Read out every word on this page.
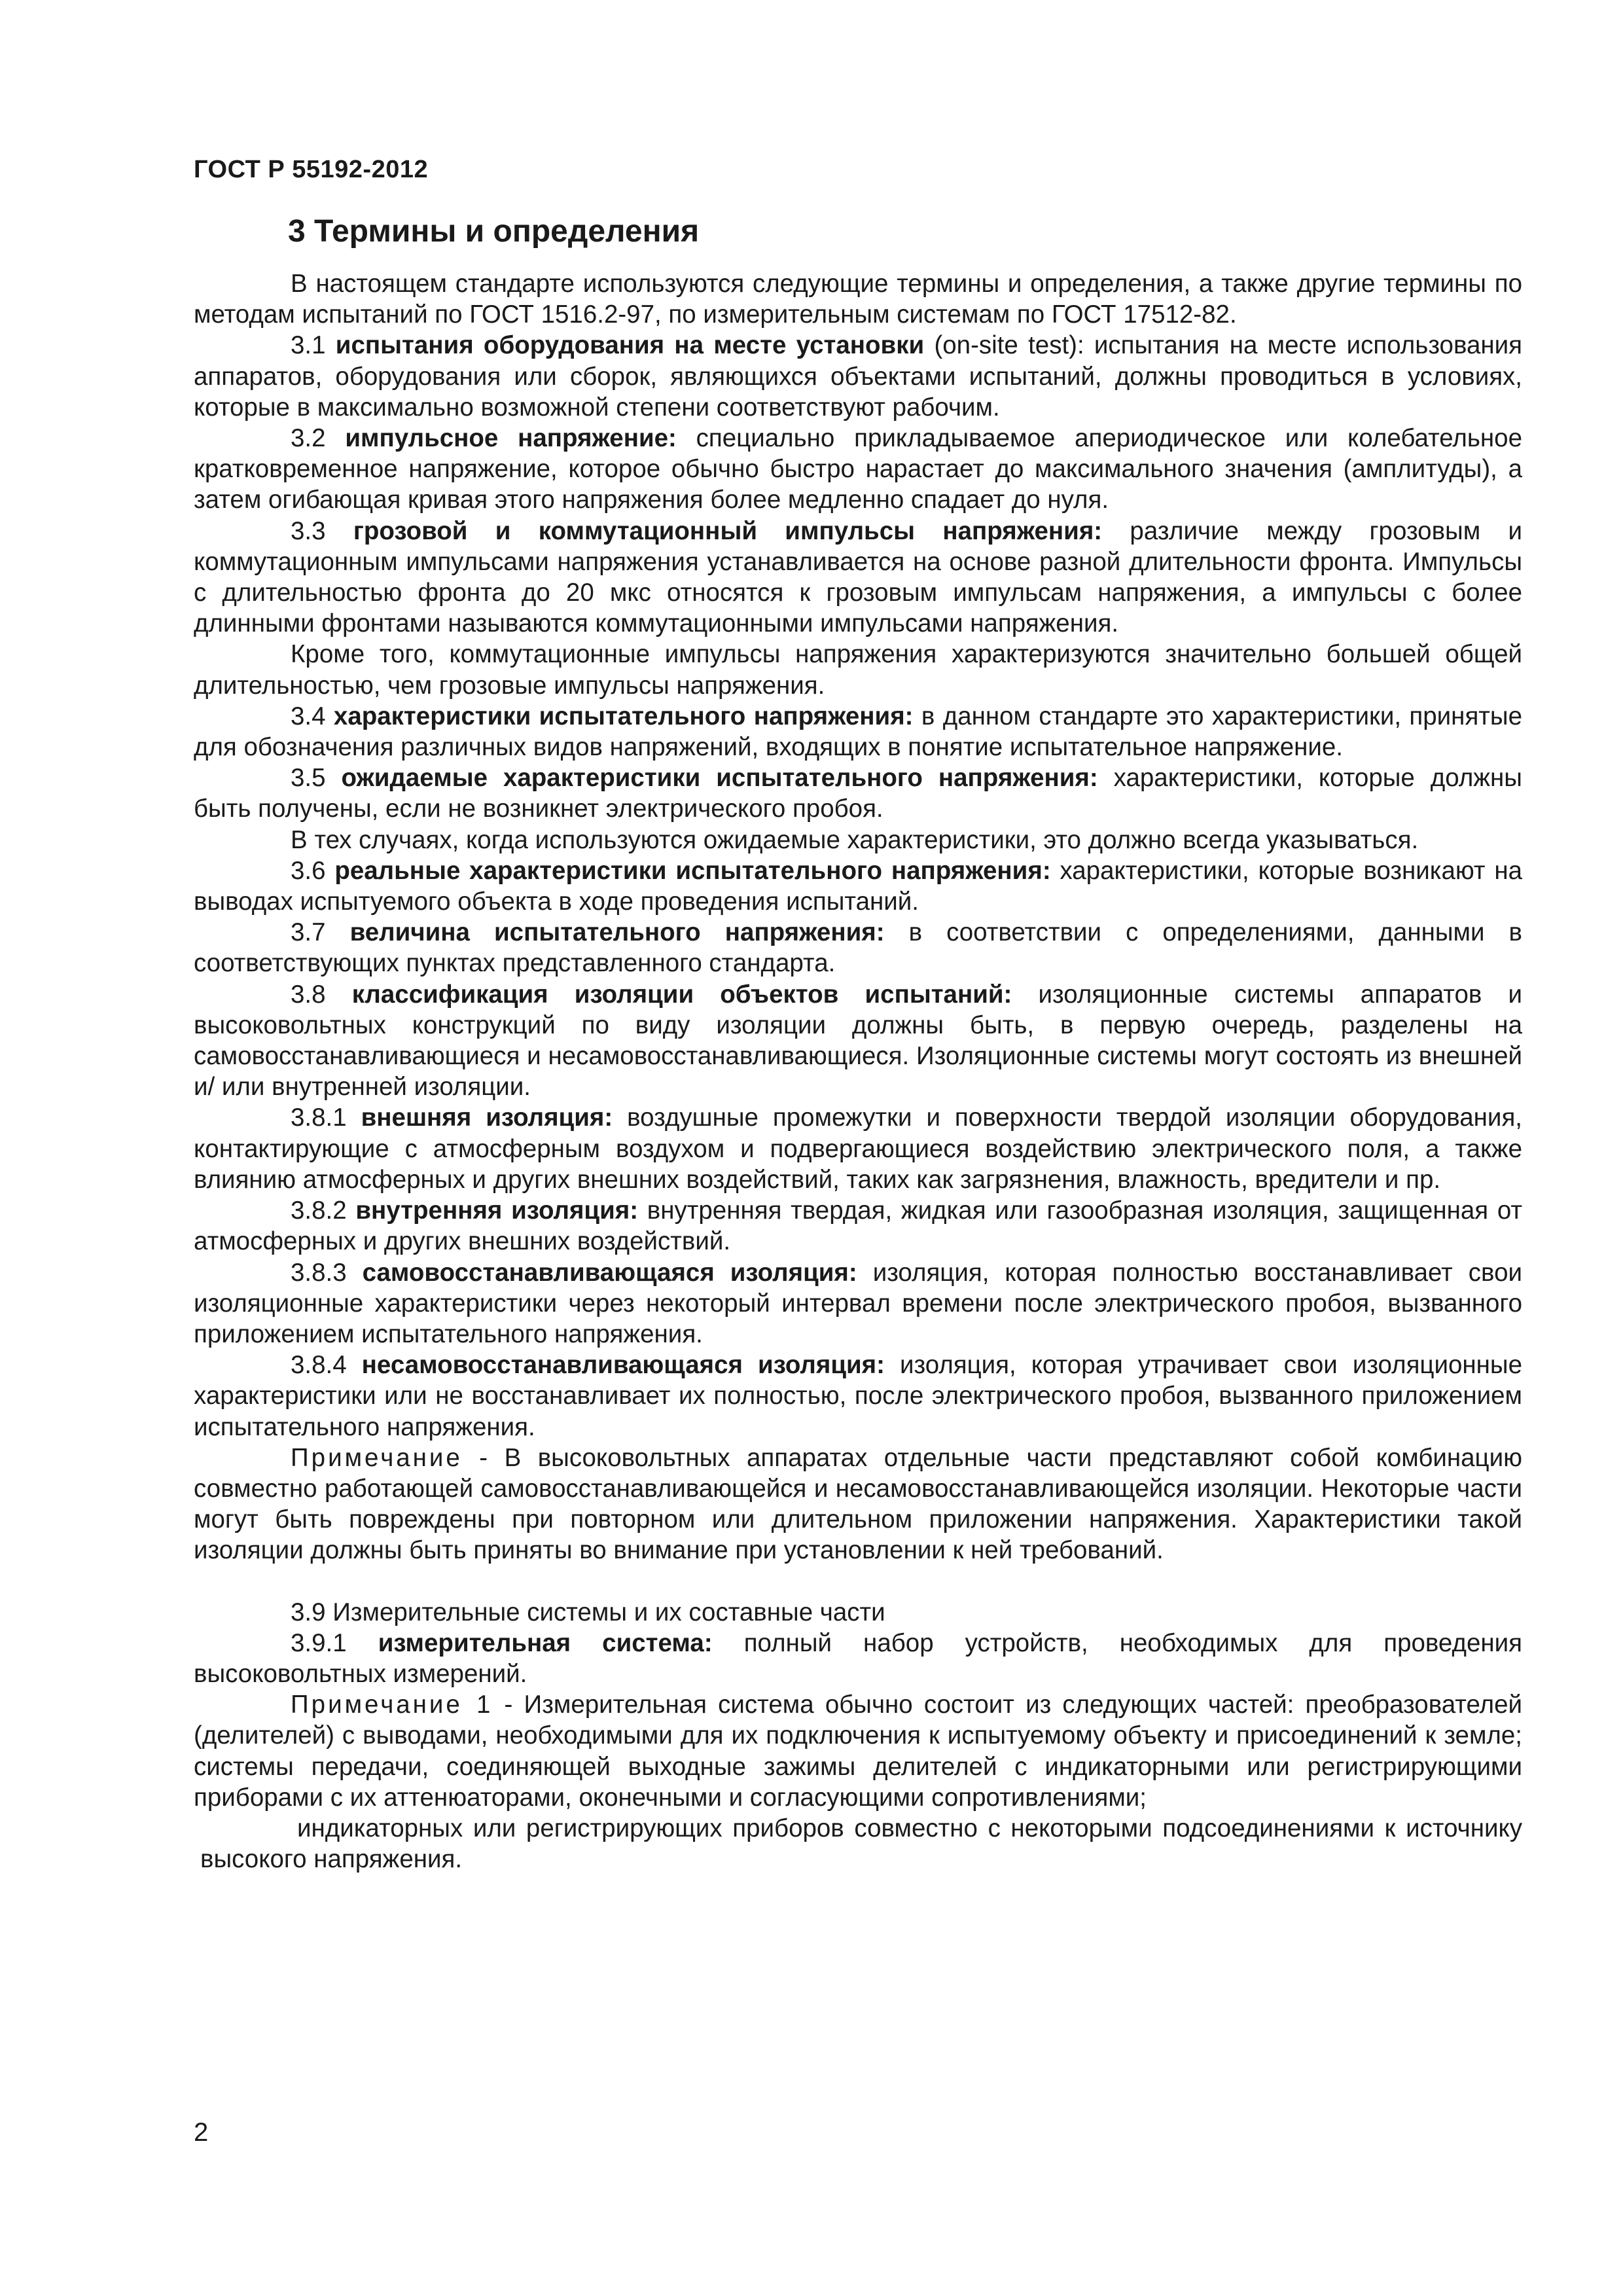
ГОСТ Р 55192-2012
3 Термины и определения

В настоящем стандарте используются следующие термины и определения, а также другие термины по методам испытаний по ГОСТ 1516.2-97, по измерительным системам по ГОСТ 17512-82.

3.1 испытания оборудования на месте установки (on-site test): испытания на месте использования аппаратов, оборудования или сборок, являющихся объектами испытаний, должны проводиться в условиях, которые в максимально возможной степени соответствуют рабочим.

3.2 импульсное напряжение: специально прикладываемое апериодическое или колебательное кратковременное напряжение, которое обычно быстро нарастает до максимального значения (амплитуды), а затем огибающая кривая этого напряжения более медленно спадает до нуля.

3.3 грозовой и коммутационный импульсы напряжения: различие между грозовым и коммутационным импульсами напряжения устанавливается на основе разной длительности фронта. Импульсы с длительностью фронта до 20 мкс относятся к грозовым импульсам напряжения, а импульсы с более длинными фронтами называются коммутационными импульсами напряжения.

Кроме того, коммутационные импульсы напряжения характеризуются значительно большей общей длительностью, чем грозовые импульсы напряжения.

3.4 характеристики испытательного напряжения: в данном стандарте это характеристики, принятые для обозначения различных видов напряжений, входящих в понятие испытательное напряжение.

3.5 ожидаемые характеристики испытательного напряжения: характеристики, которые должны быть получены, если не возникнет электрического пробоя.

В тех случаях, когда используются ожидаемые характеристики, это должно всегда указываться.

3.6 реальные характеристики испытательного напряжения: характеристики, которые возникают на выводах испытуемого объекта в ходе проведения испытаний.

3.7 величина испытательного напряжения: в соответствии с определениями, данными в соответствующих пунктах представленного стандарта.

3.8 классификация изоляции объектов испытаний: изоляционные системы аппаратов и высоковольтных конструкций по виду изоляции должны быть, в первую очередь, разделены на самовосстанавливающиеся и несамовосстанавливающиеся. Изоляционные системы могут состоять из внешней и/ или внутренней изоляции.

3.8.1 внешняя изоляция: воздушные промежутки и поверхности твердой изоляции оборудования, контактирующие с атмосферным воздухом и подвергающиеся воздействию электрического поля, а также влиянию атмосферных и других внешних воздействий, таких как загрязнения, влажность, вредители и пр.

3.8.2 внутренняя изоляция: внутренняя твердая, жидкая или газообразная изоляция, защищенная от атмосферных и других внешних воздействий.

3.8.3 самовосстанавливающаяся изоляция: изоляция, которая полностью восстанавливает свои изоляционные характеристики через некоторый интервал времени после электрического пробоя, вызванного приложением испытательного напряжения.

3.8.4 несамовосстанавливающаяся изоляция: изоляция, которая утрачивает свои изоляционные характеристики или не восстанавливает их полностью, после электрического пробоя, вызванного приложением испытательного напряжения.

Примечание - В высоковольтных аппаратах отдельные части представляют собой комбинацию совместно работающей самовосстанавливающейся и несамовосстанавливающейся изоляции. Некоторые части могут быть повреждены при повторном или длительном приложении напряжения. Характеристики такой изоляции должны быть приняты во внимание при установлении к ней требований.

3.9 Измерительные системы и их составные части

3.9.1 измерительная система: полный набор устройств, необходимых для проведения высоковольтных измерений.

Примечание 1 - Измерительная система обычно состоит из следующих частей: преобразователей (делителей) с выводами, необходимыми для их подключения к испытуемому объекту и присоединений к земле; системы передачи, соединяющей выходные зажимы делителей с индикаторными или регистрирующими приборами с их аттенюаторами, оконечными и согласующими сопротивлениями;

индикаторных или регистрирующих приборов совместно с некоторыми подсоединениями к источнику высокого напряжения.

2
